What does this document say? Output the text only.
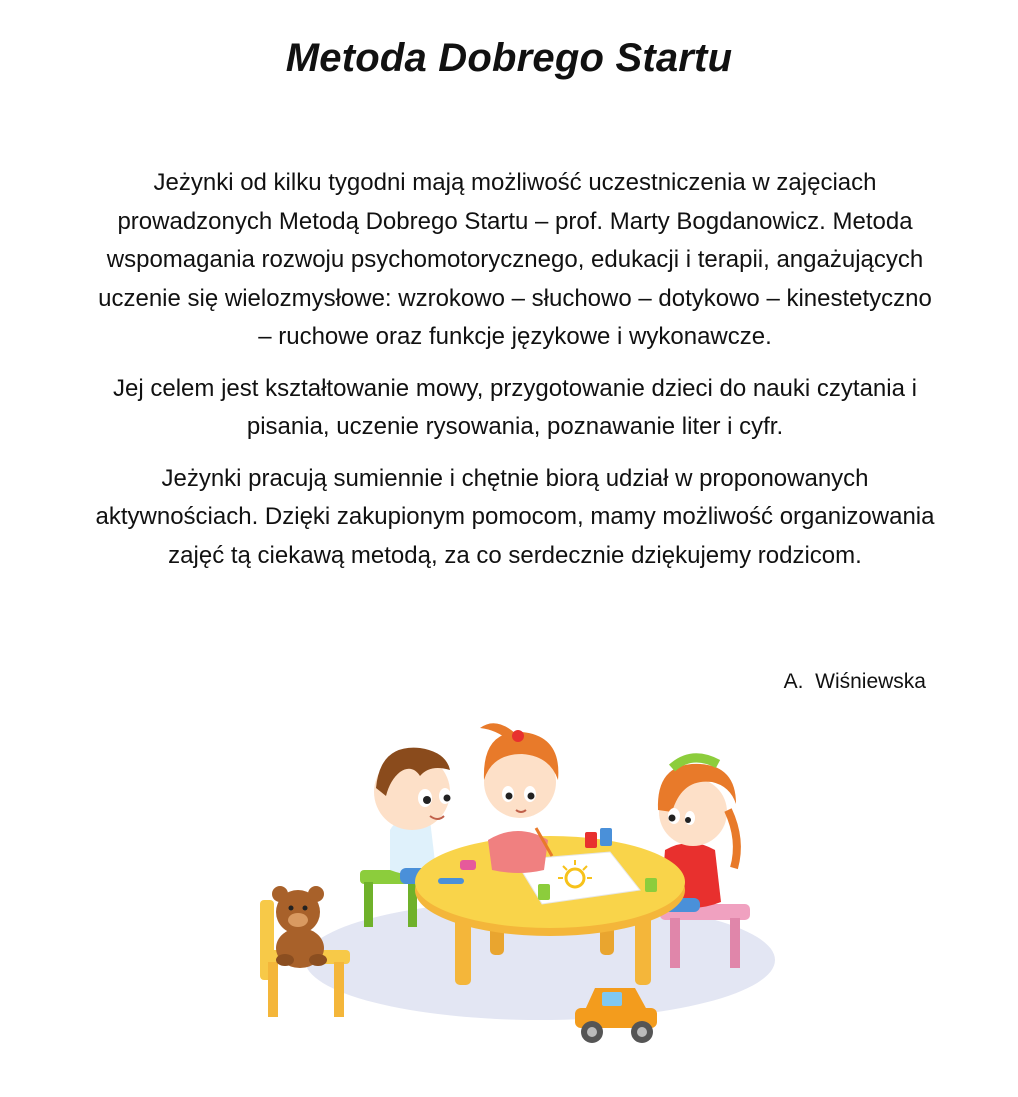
Metoda Dobrego Startu

Jeżynki od kilku tygodni mają możliwość uczestniczenia w zajęciach prowadzonych Metodą Dobrego Startu – prof. Marty Bogdanowicz. Metoda wspomagania rozwoju psychomotorycznego, edukacji i terapii, angażujących uczenie się wielozmysłowe: wzrokowo – słuchowo – dotykowo – kinestetyczno – ruchowe oraz funkcje językowe i wykonawcze.

Jej celem jest kształtowanie mowy, przygotowanie dzieci do nauki czytania i pisania, uczenie rysowania, poznawanie liter i cyfr.

Jeżynki pracują sumiennie i chętnie biorą udział w proponowanych aktywnościach. Dzięki zakupionym pomocom, mamy możliwość organizowania zajęć tą ciekawą metodą, za co serdecznie dziękujemy rodzicom.

A.  Wiśniewska
